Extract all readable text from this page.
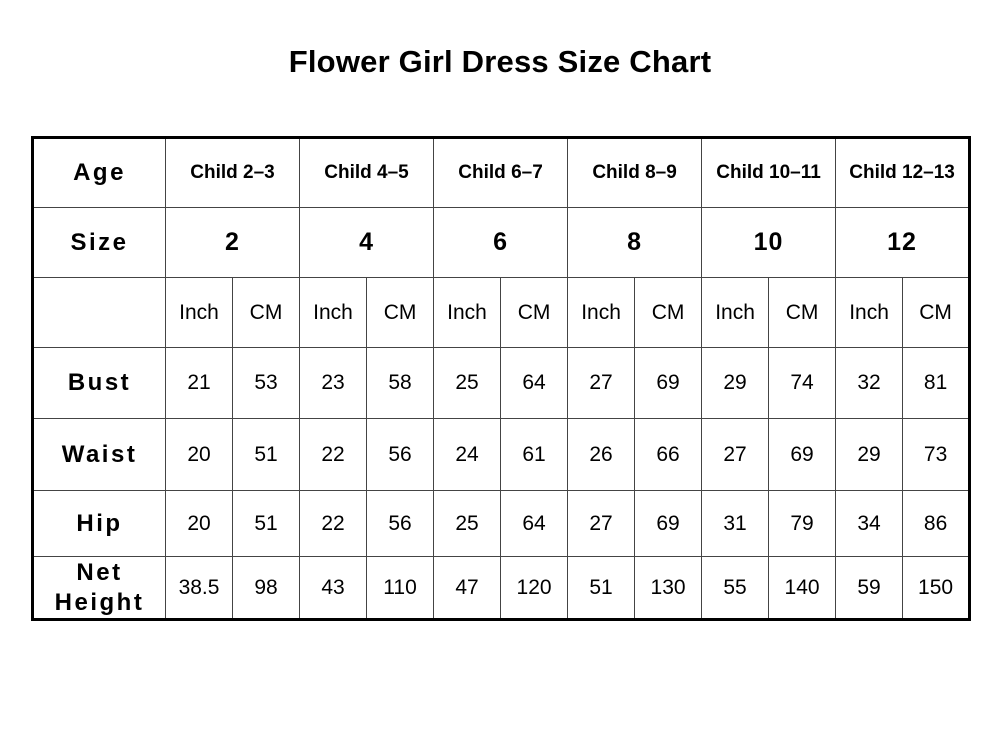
Flower Girl Dress Size Chart
Age	Child 2–3		Child 4–5		Child 6–7		Child 8–9		Child 10–11		Child 12–13	
Size	2		4		6		8		10		12	
	Inch	CM	Inch	CM	Inch	CM	Inch	CM	Inch	CM	Inch	CM
Bust	21	53	23	58	25	64	27	69	29	74	32	81
Waist	20	51	22	56	24	61	26	66	27	69	29	73
Hip	20	51	22	56	25	64	27	69	31	79	34	86
Net
Height	38.5	98	43	110	47	120	51	130	55	140	59	150
